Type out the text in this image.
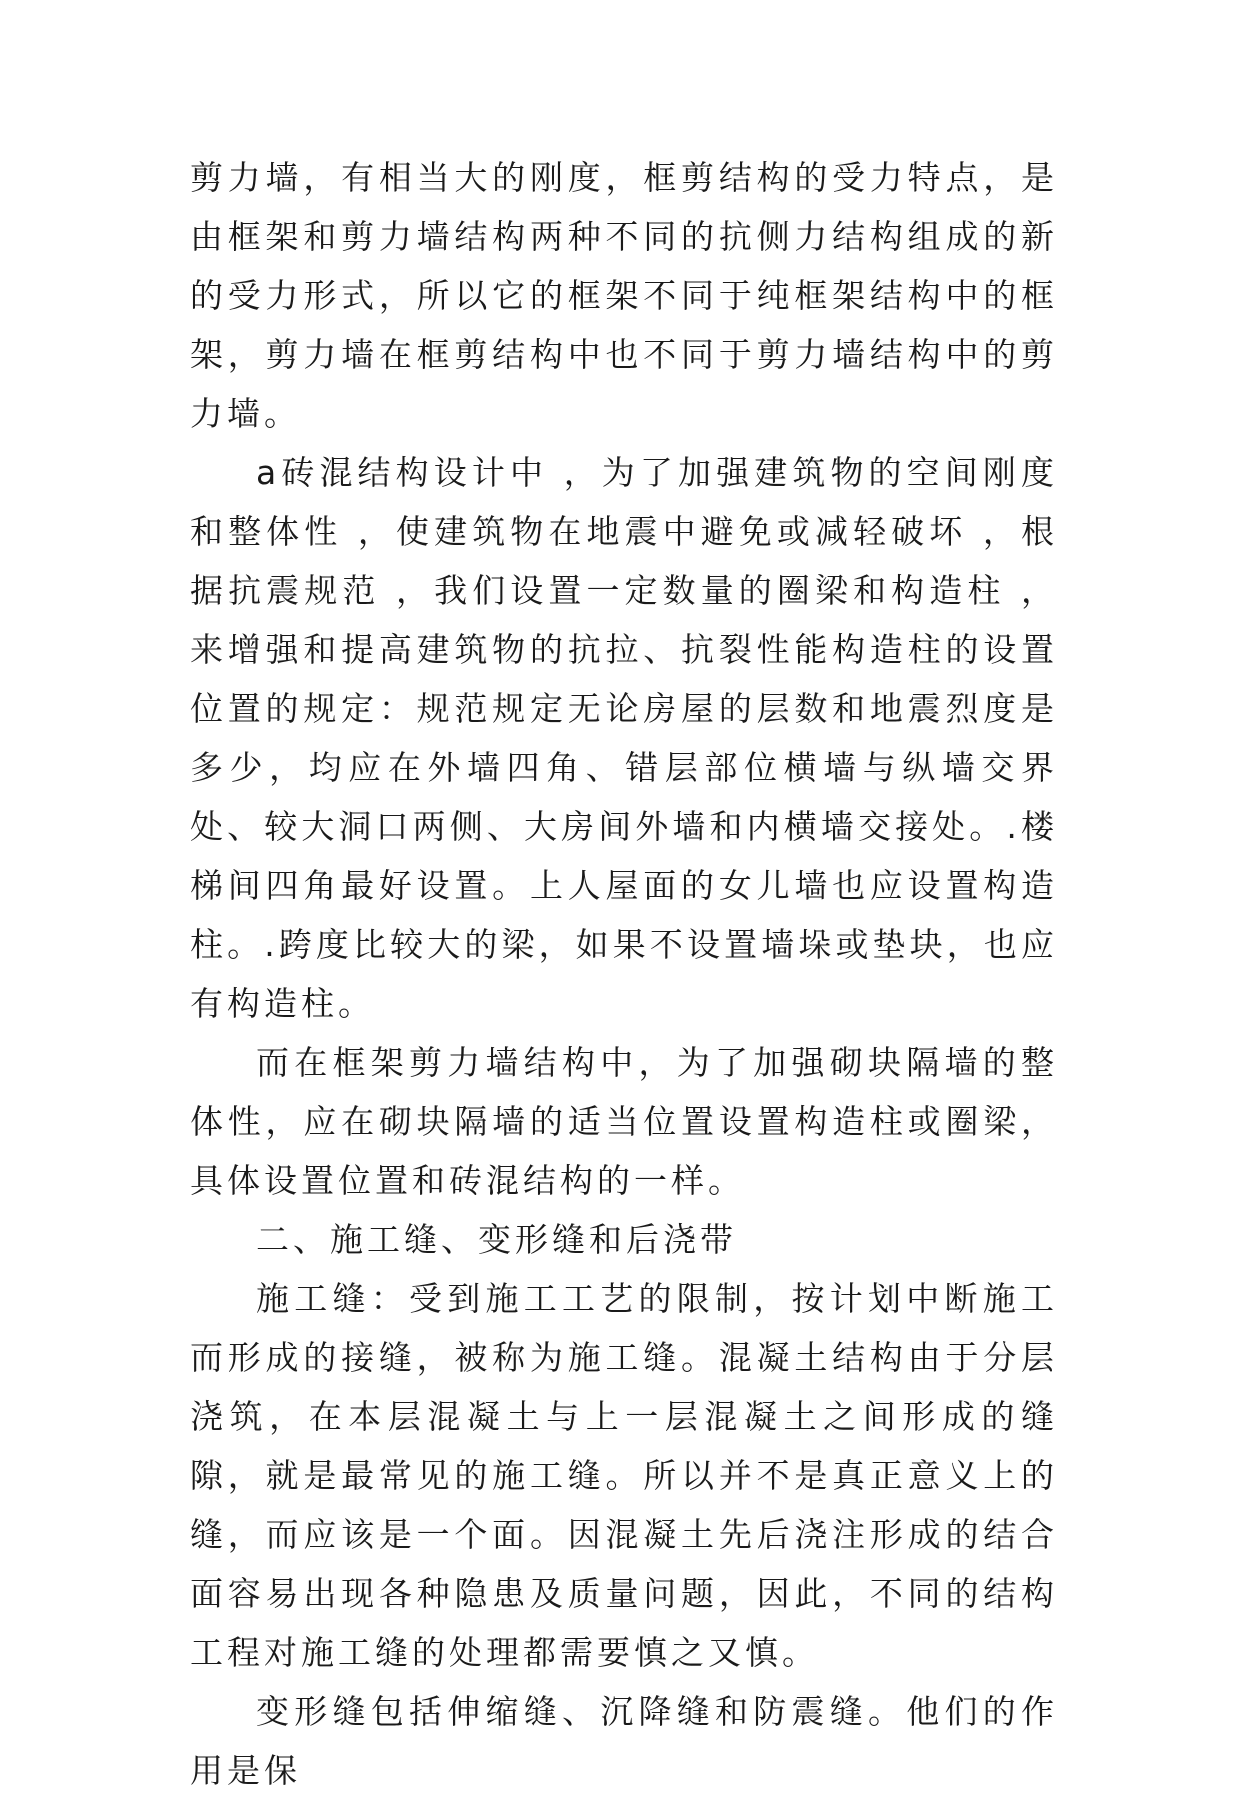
剪力墙，有相当大的刚度，框剪结构的受力特点，是由框架和剪力墙结构两种不同的抗侧力结构组成的新的受力形式，所以它的框架不同于纯框架结构中的框架，剪力墙在框剪结构中也不同于剪力墙结构中的剪力墙。

a砖混结构设计中 ，为了加强建筑物的空间刚度和整体性 ，使建筑物在地震中避免或减轻破坏 ，根据抗震规范 ，我们设置一定数量的圈梁和构造柱 ，来增强和提高建筑物的抗拉、抗裂性能构造柱的设置位置的规定：规范规定无论房屋的层数和地震烈度是多少，均应在外墙四角、错层部位横墙与纵墙交界处、较大洞口两侧、大房间外墙和内横墙交接处。.楼梯间四角最好设置。上人屋面的女儿墙也应设置构造柱。.跨度比较大的梁，如果不设置墙垛或垫块，也应有构造柱。

而在框架剪力墙结构中，为了加强砌块隔墙的整体性，应在砌块隔墙的适当位置设置构造柱或圈梁，具体设置位置和砖混结构的一样。

二、施工缝、变形缝和后浇带

施工缝：受到施工工艺的限制，按计划中断施工而形成的接缝，被称为施工缝。混凝土结构由于分层浇筑，在本层混凝土与上一层混凝土之间形成的缝隙，就是最常见的施工缝。所以并不是真正意义上的缝，而应该是一个面。因混凝土先后浇注形成的结合面容易出现各种隐患及质量问题，因此，不同的结构工程对施工缝的处理都需要慎之又慎。

变形缝包括伸缩缝、沉降缝和防震缝。他们的作用是保
